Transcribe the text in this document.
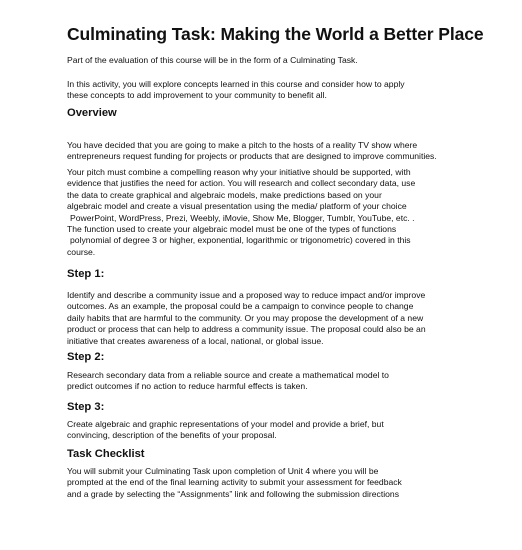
Culminating Task: Making the World a Better Place
Part of the evaluation of this course will be in the form of a Culminating Task.
In this activity, you will explore concepts learned in this course and consider how to apply
these concepts to add improvement to your community to benefit all.
Overview
You have decided that you are going to make a pitch to the hosts of a reality TV show where
entrepreneurs request funding for projects or products that are designed to improve communities.
Your pitch must combine a compelling reason why your initiative should be supported, with
evidence that justifies the need for action. You will research and collect secondary data, use
the data to create graphical and algebraic models, make predictions based on your
algebraic model and create a visual presentation using the media/ platform of your choice
PowerPoint, WordPress, Prezi, Weebly, iMovie, Show Me, Blogger, Tumblr, YouTube, etc. .
The function used to create your algebraic model must be one of the types of functions
polynomial of degree 3 or higher, exponential, logarithmic or trigonometric) covered in this
course.
Step 1:
Identify and describe a community issue and a proposed way to reduce impact and/or improve
outcomes. As an example, the proposal could be a campaign to convince people to change
daily habits that are harmful to the community. Or you may propose the development of a new
product or process that can help to address a community issue. The proposal could also be an
initiative that creates awareness of a local, national, or global issue.
Step 2:
Research secondary data from a reliable source and create a mathematical model to
predict outcomes if no action to reduce harmful effects is taken.
Step 3:
Create algebraic and graphic representations of your model and provide a brief, but
convincing, description of the benefits of your proposal.
Task Checklist
You will submit your Culminating Task upon completion of Unit 4 where you will be
prompted at the end of the final learning activity to submit your assessment for feedback
and a grade by selecting the “Assignments” link and following the submission directions
